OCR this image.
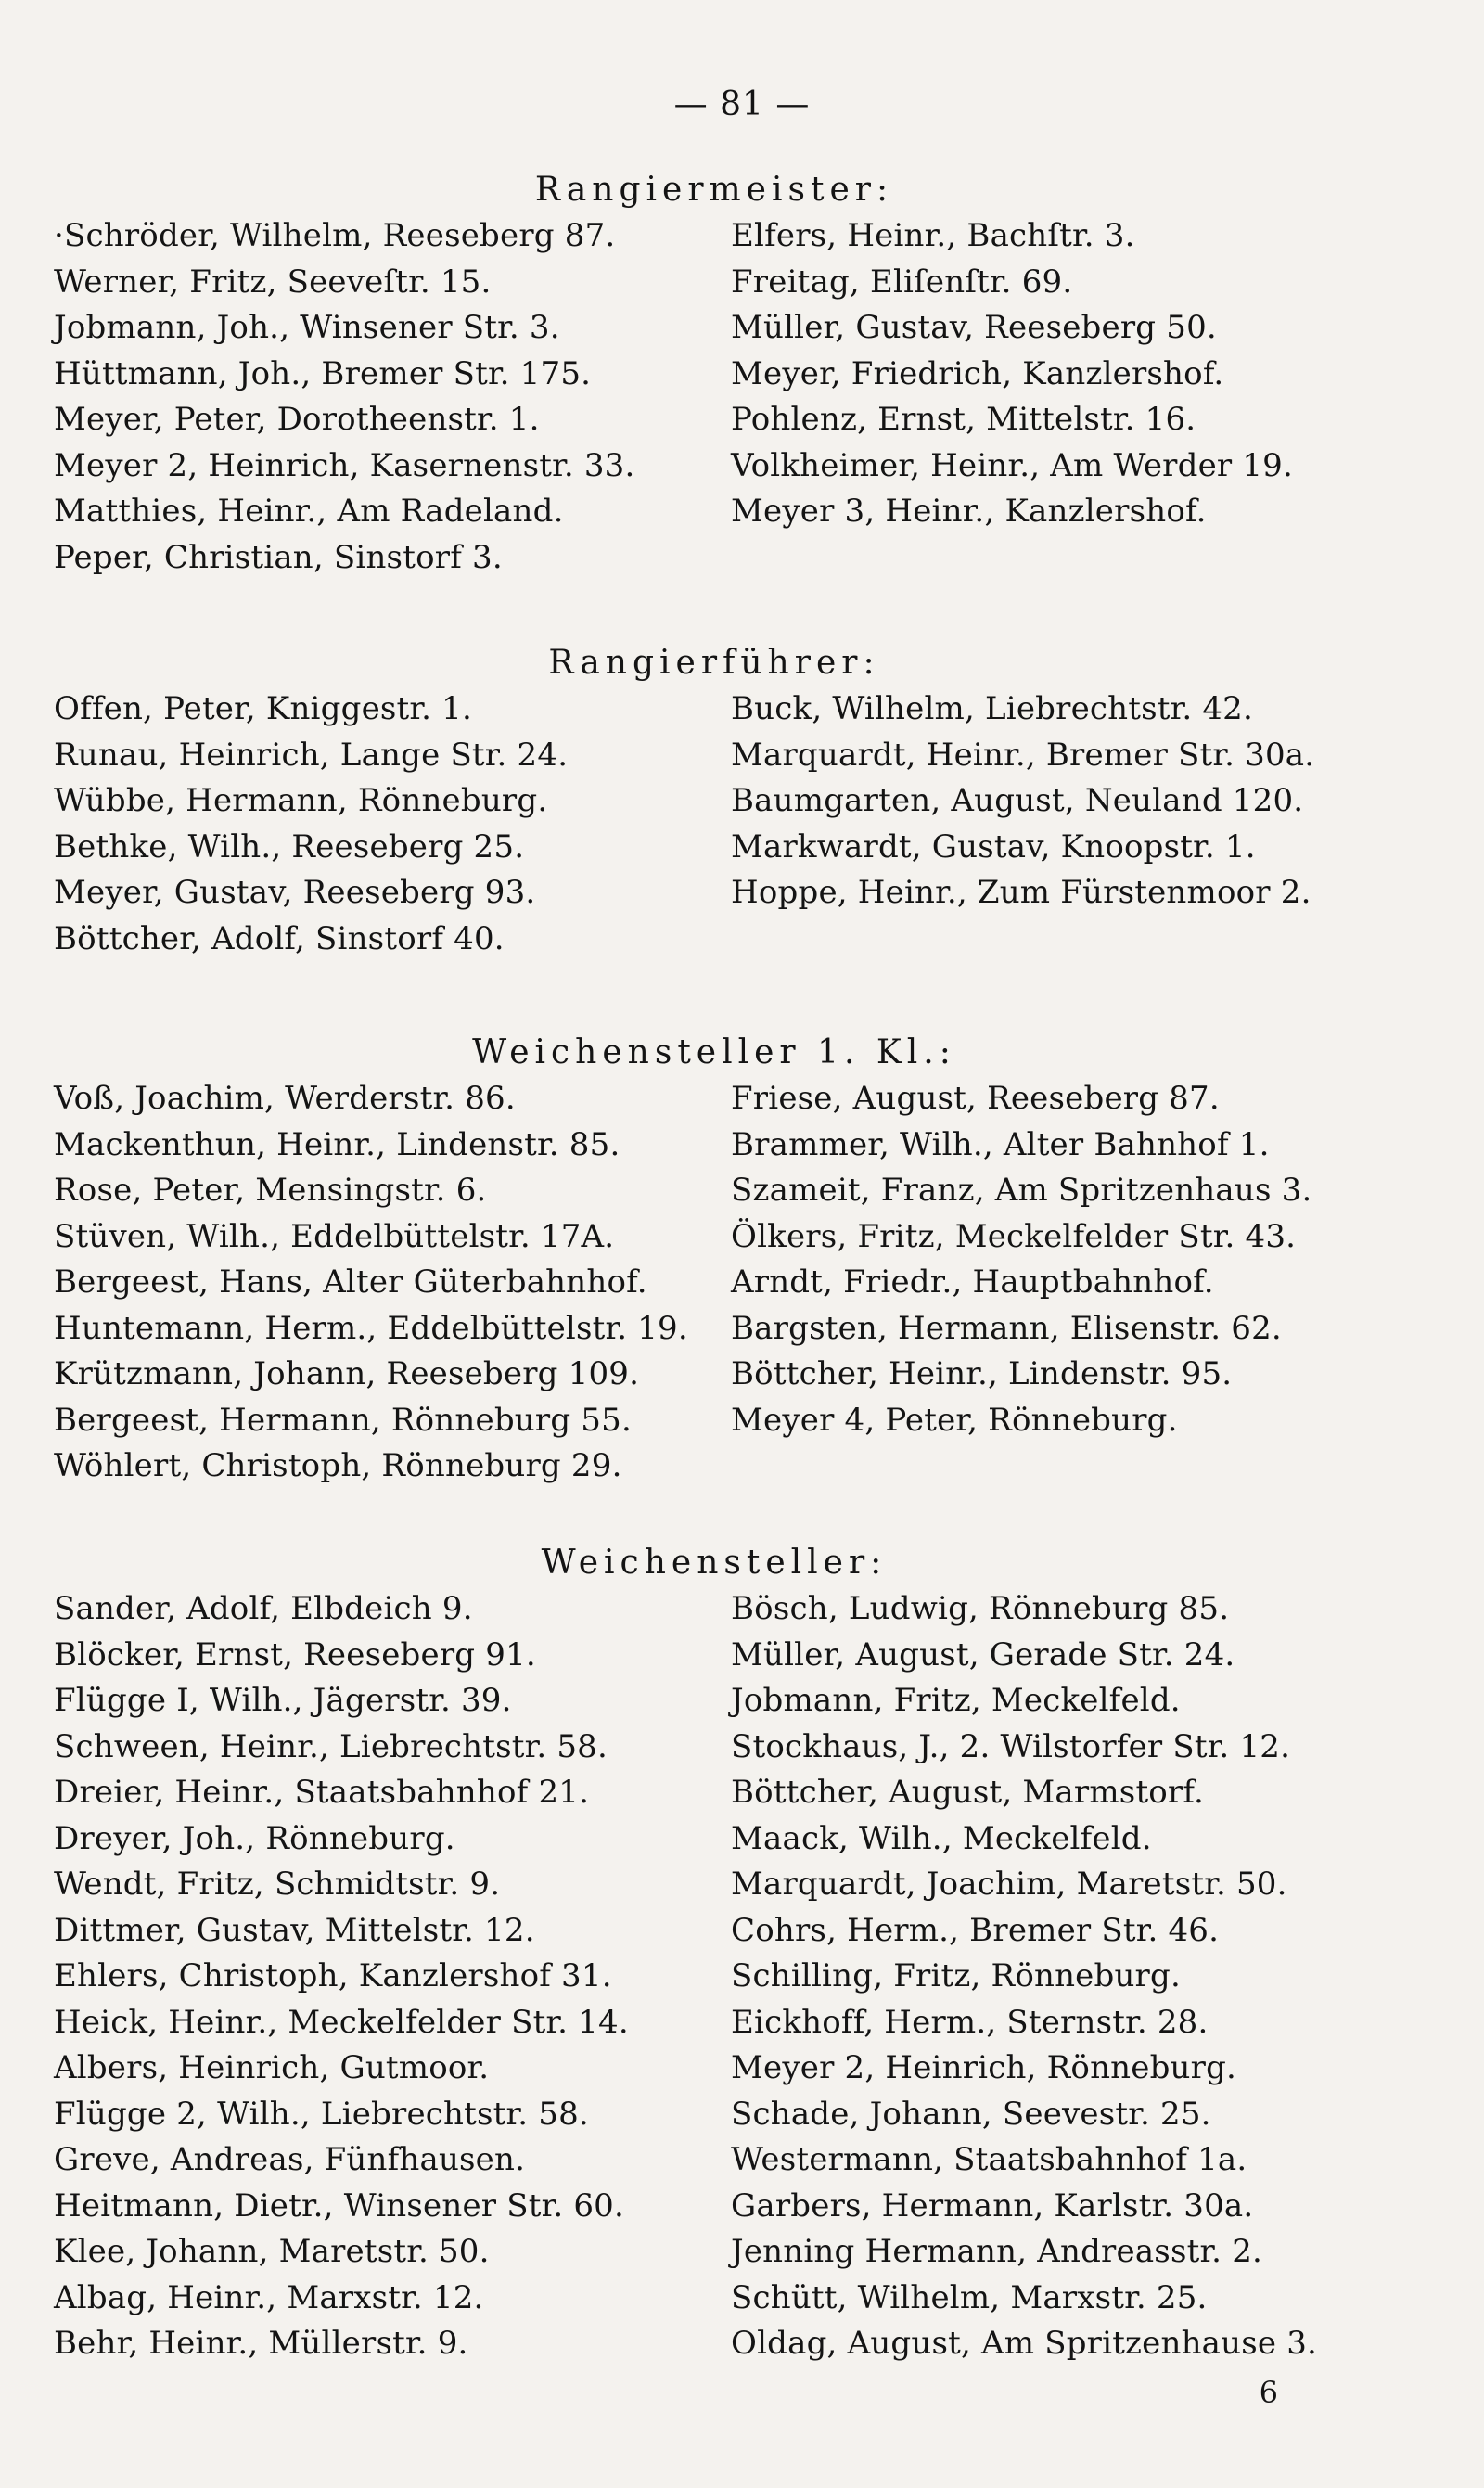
— 81 —
Rangiermeister:
·Schröder, Wilhelm, Reeseberg 87.
Werner, Fritz, Seeveſtr. 15.
Jobmann, Joh., Winsener Str. 3.
Hüttmann, Joh., Bremer Str. 175.
Meyer, Peter, Dorotheenstr. 1.
Meyer 2, Heinrich, Kasernenstr. 33.
Matthies, Heinr., Am Radeland.
Peper, Christian, Sinstorf 3.
Elfers, Heinr., Bachſtr. 3.
Freitag, Eliſenſtr. 69.
Müller, Gustav, Reeseberg 50.
Meyer, Friedrich, Kanzlershof.
Pohlenz, Ernst, Mittelstr. 16.
Volkheimer, Heinr., Am Werder 19.
Meyer 3, Heinr., Kanzlershof.
Rangierführer:
Offen, Peter, Kniggestr. 1.
Runau, Heinrich, Lange Str. 24.
Wübbe, Hermann, Rönneburg.
Bethke, Wilh., Reeseberg 25.
Meyer, Gustav, Reeseberg 93.
Böttcher, Adolf, Sinstorf 40.
Buck, Wilhelm, Liebrechtstr. 42.
Marquardt, Heinr., Bremer Str. 30a.
Baumgarten, August, Neuland 120.
Markwardt, Gustav, Knoopstr. 1.
Hoppe, Heinr., Zum Fürstenmoor 2.
Weichensteller 1. Kl.:
Voß, Joachim, Werderstr. 86.
Mackenthun, Heinr., Lindenstr. 85.
Rose, Peter, Mensingstr. 6.
Stüven, Wilh., Eddelbüttelstr. 17A.
Bergeest, Hans, Alter Güterbahnhof.
Huntemann, Herm., Eddelbüttelstr. 19.
Krützmann, Johann, Reeseberg 109.
Bergeest, Hermann, Rönneburg 55.
Wöhlert, Christoph, Rönneburg 29.
Friese, August, Reeseberg 87.
Brammer, Wilh., Alter Bahnhof 1.
Szameit, Franz, Am Spritzenhaus 3.
Ölkers, Fritz, Meckelfelder Str. 43.
Arndt, Friedr., Hauptbahnhof.
Bargsten, Hermann, Elisenstr. 62.
Böttcher, Heinr., Lindenstr. 95.
Meyer 4, Peter, Rönneburg.
Weichensteller:
Sander, Adolf, Elbdeich 9.
Blöcker, Ernst, Reeseberg 91.
Flügge I, Wilh., Jägerstr. 39.
Schween, Heinr., Liebrechtstr. 58.
Dreier, Heinr., Staatsbahnhof 21.
Dreyer, Joh., Rönneburg.
Wendt, Fritz, Schmidtstr. 9.
Dittmer, Gustav, Mittelstr. 12.
Ehlers, Christoph, Kanzlershof 31.
Heick, Heinr., Meckelfelder Str. 14.
Albers, Heinrich, Gutmoor.
Flügge 2, Wilh., Liebrechtstr. 58.
Greve, Andreas, Fünfhausen.
Heitmann, Dietr., Winsener Str. 60.
Klee, Johann, Maretstr. 50.
Albag, Heinr., Marxstr. 12.
Behr, Heinr., Müllerstr. 9.
Bösch, Ludwig, Rönneburg 85.
Müller, August, Gerade Str. 24.
Jobmann, Fritz, Meckelfeld.
Stockhaus, J., 2. Wilstorfer Str. 12.
Böttcher, August, Marmstorf.
Maack, Wilh., Meckelfeld.
Marquardt, Joachim, Maretstr. 50.
Cohrs, Herm., Bremer Str. 46.
Schilling, Fritz, Rönneburg.
Eickhoff, Herm., Sternstr. 28.
Meyer 2, Heinrich, Rönneburg.
Schade, Johann, Seevestr. 25.
Westermann, Staatsbahnhof 1a.
Garbers, Hermann, Karlstr. 30a.
Jenning Hermann, Andreasstr. 2.
Schütt, Wilhelm, Marxstr. 25.
Oldag, August, Am Spritzenhause 3.
6
